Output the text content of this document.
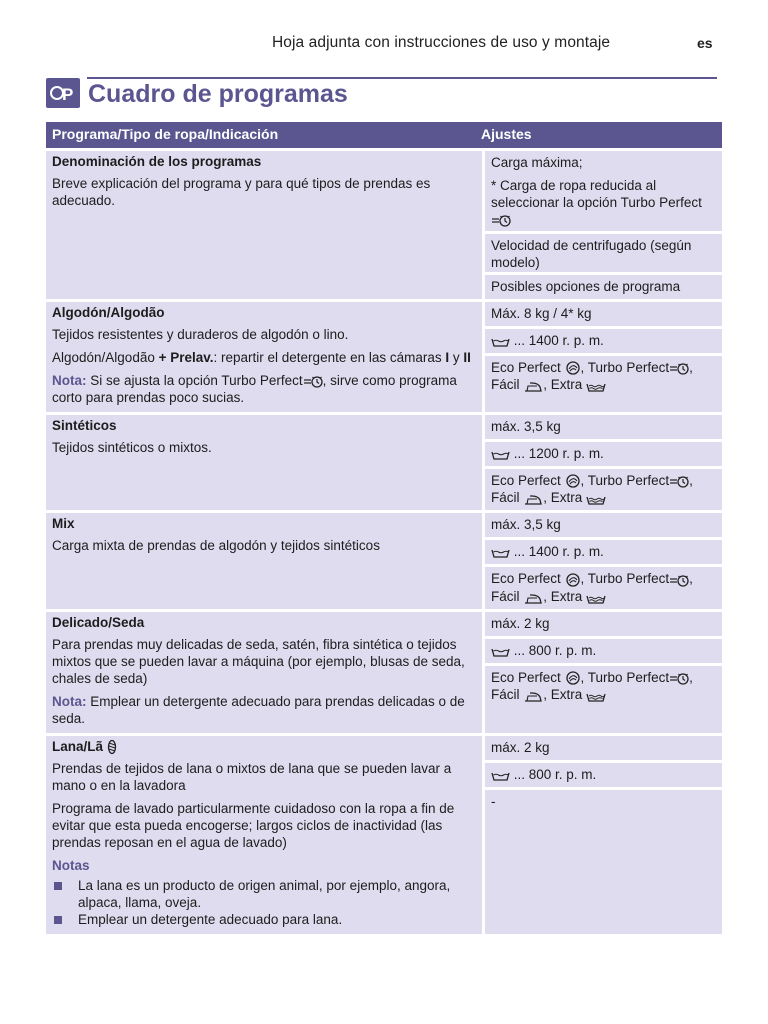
Hoja adjunta con instrucciones de uso y montaje	es
P Cuadro de programas
Programa/Tipo de ropa/Indicación	Ajustes
Denominación de los programas
Breve explicación del programa y para qué tipos de prendas es adecuado.
Carga máxima;
* Carga de ropa reducida al seleccionar la opción Turbo Perfect
Velocidad de centrifugado (según modelo)
Posibles opciones de programa
Algodón/Algodão
Tejidos resistentes y duraderos de algodón o lino.
Algodón/Algodão + Prelav.: repartir el detergente en las cámaras I y II
Nota: Si se ajusta la opción Turbo Perfect , sirve como programa corto para prendas poco sucias.
Máx. 8 kg / 4* kg
... 1400 r. p. m.
Eco Perfect , Turbo Perfect ,
Fácil , Extra
Sintéticos
Tejidos sintéticos o mixtos.
máx. 3,5 kg
... 1200 r. p. m.
Eco Perfect , Turbo Perfect ,
Fácil , Extra
Mix
Carga mixta de prendas de algodón y tejidos sintéticos
máx. 3,5 kg
... 1400 r. p. m.
Eco Perfect , Turbo Perfect ,
Fácil , Extra
Delicado/Seda
Para prendas muy delicadas de seda, satén, fibra sintética o tejidos mixtos que se pueden lavar a máquina (por ejemplo, blusas de seda, chales de seda)
Nota: Emplear un detergente adecuado para prendas delicadas o de seda.
máx. 2 kg
... 800 r. p. m.
Eco Perfect , Turbo Perfect ,
Fácil , Extra
Lana/Lã
Prendas de tejidos de lana o mixtos de lana que se pueden lavar a mano o en la lavadora
Programa de lavado particularmente cuidadoso con la ropa a fin de evitar que esta pueda encogerse; largos ciclos de inactividad (las prendas reposan en el agua de lavado)
Notas
La lana es un producto de origen animal, por ejemplo, angora, alpaca, llama, oveja.
Emplear un detergente adecuado para lana.
máx. 2 kg
... 800 r. p. m.
-
